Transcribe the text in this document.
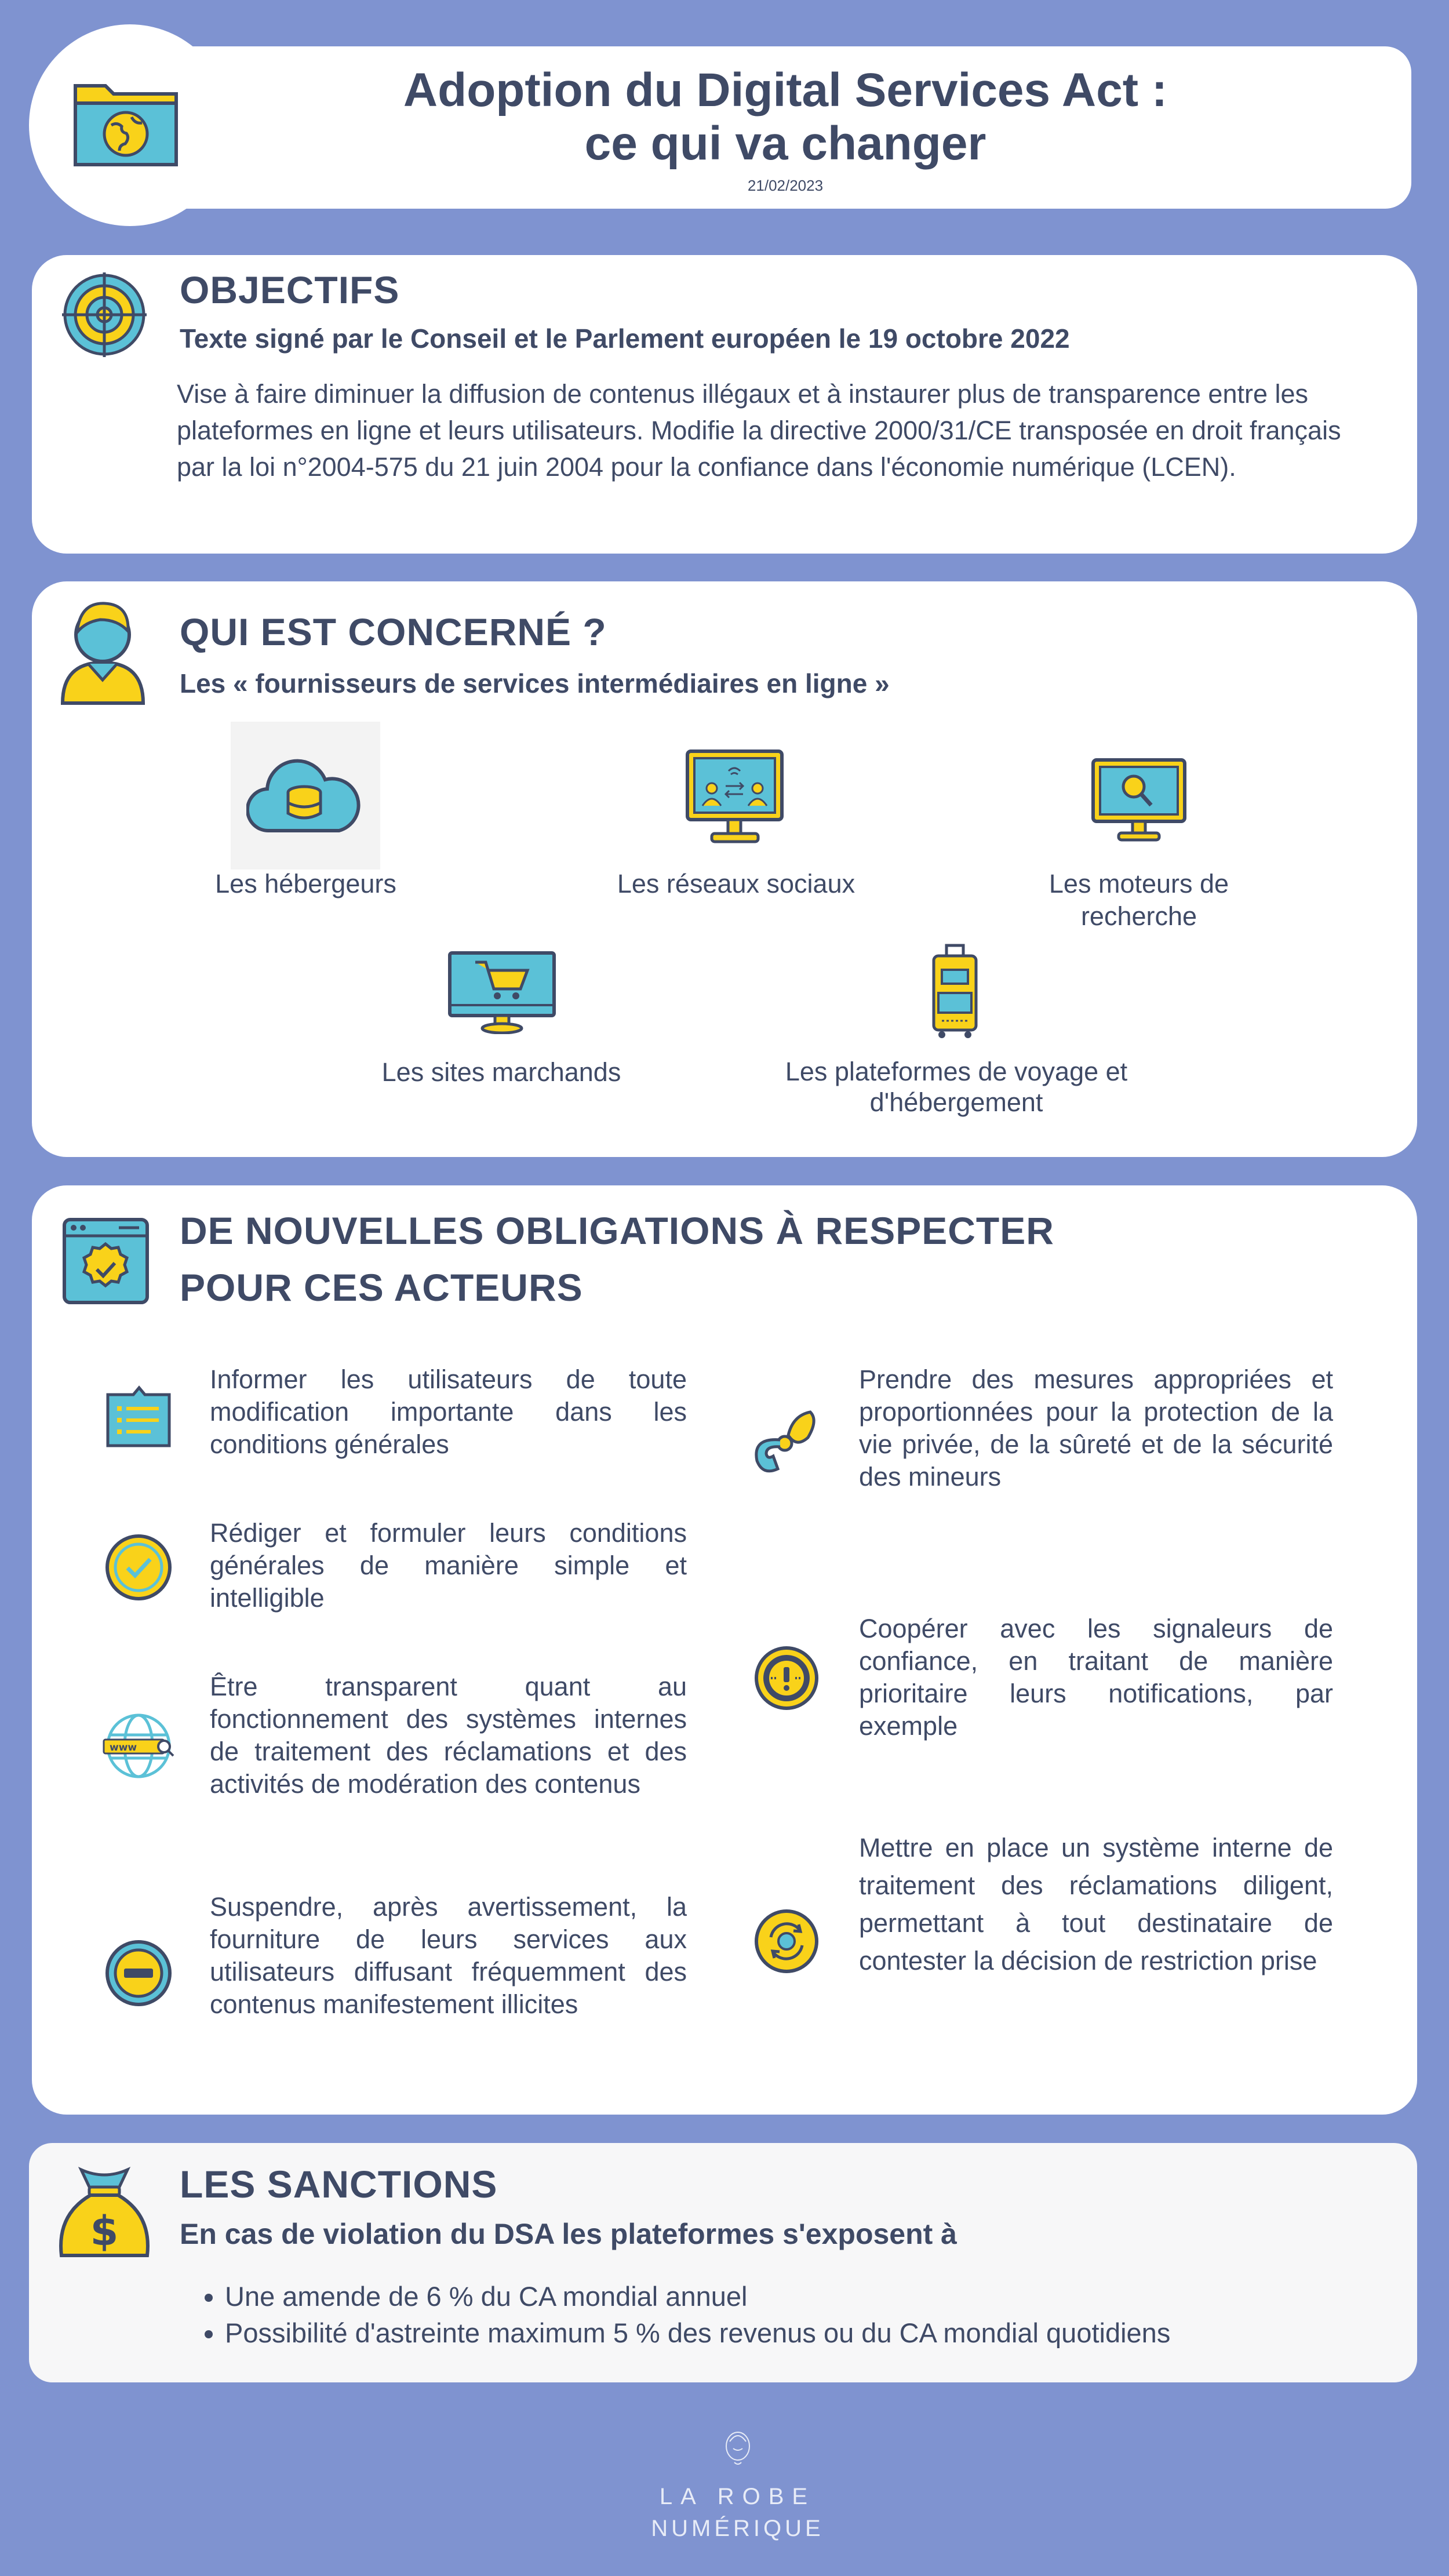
Adoption du Digital Services Act :
ce qui va changer
21/02/2023
OBJECTIFS
Texte signé par le Conseil et le Parlement européen le 19 octobre 2022
Vise à faire diminuer la diffusion de contenus illégaux et à instaurer plus de transparence entre les plateformes en ligne et leurs utilisateurs. Modifie la directive 2000/31/CE transposée en droit français par la loi n°2004-575 du 21 juin 2004 pour la confiance dans l'économie numérique (LCEN).
QUI EST CONCERNÉ ?
Les « fournisseurs de services intermédiaires en ligne »
Les hébergeurs	Les réseaux sociaux	Les moteurs de recherche
Les sites marchands	Les plateformes de voyage et d'hébergement
DE NOUVELLES OBLIGATIONS À RESPECTER
POUR CES ACTEURS
Informer les utilisateurs de toute modification importante dans les conditions générales
Rédiger et formuler leurs conditions générales de manière simple et intelligible
www
Être transparent quant au fonctionnement des systèmes internes de traitement des réclamations et des activités de modération des contenus
Suspendre, après avertissement, la fourniture de leurs services aux utilisateurs diffusant fréquemment des contenus manifestement illicites
Prendre des mesures appropriées et proportionnées pour la protection de la vie privée, de la sûreté et de la sécurité des mineurs
Coopérer avec les signaleurs de confiance, en traitant de manière prioritaire leurs notifications, par exemple
Mettre en place un système interne de traitement des réclamations diligent, permettant à tout destinataire de contester la décision de restriction prise
$
LES SANCTIONS
En cas de violation du DSA les plateformes s'exposent à
• Une amende de 6 % du CA mondial annuel
• Possibilité d'astreinte maximum 5 % des revenus ou du CA mondial quotidiens
LA ROBE
NUMÉRIQUE
